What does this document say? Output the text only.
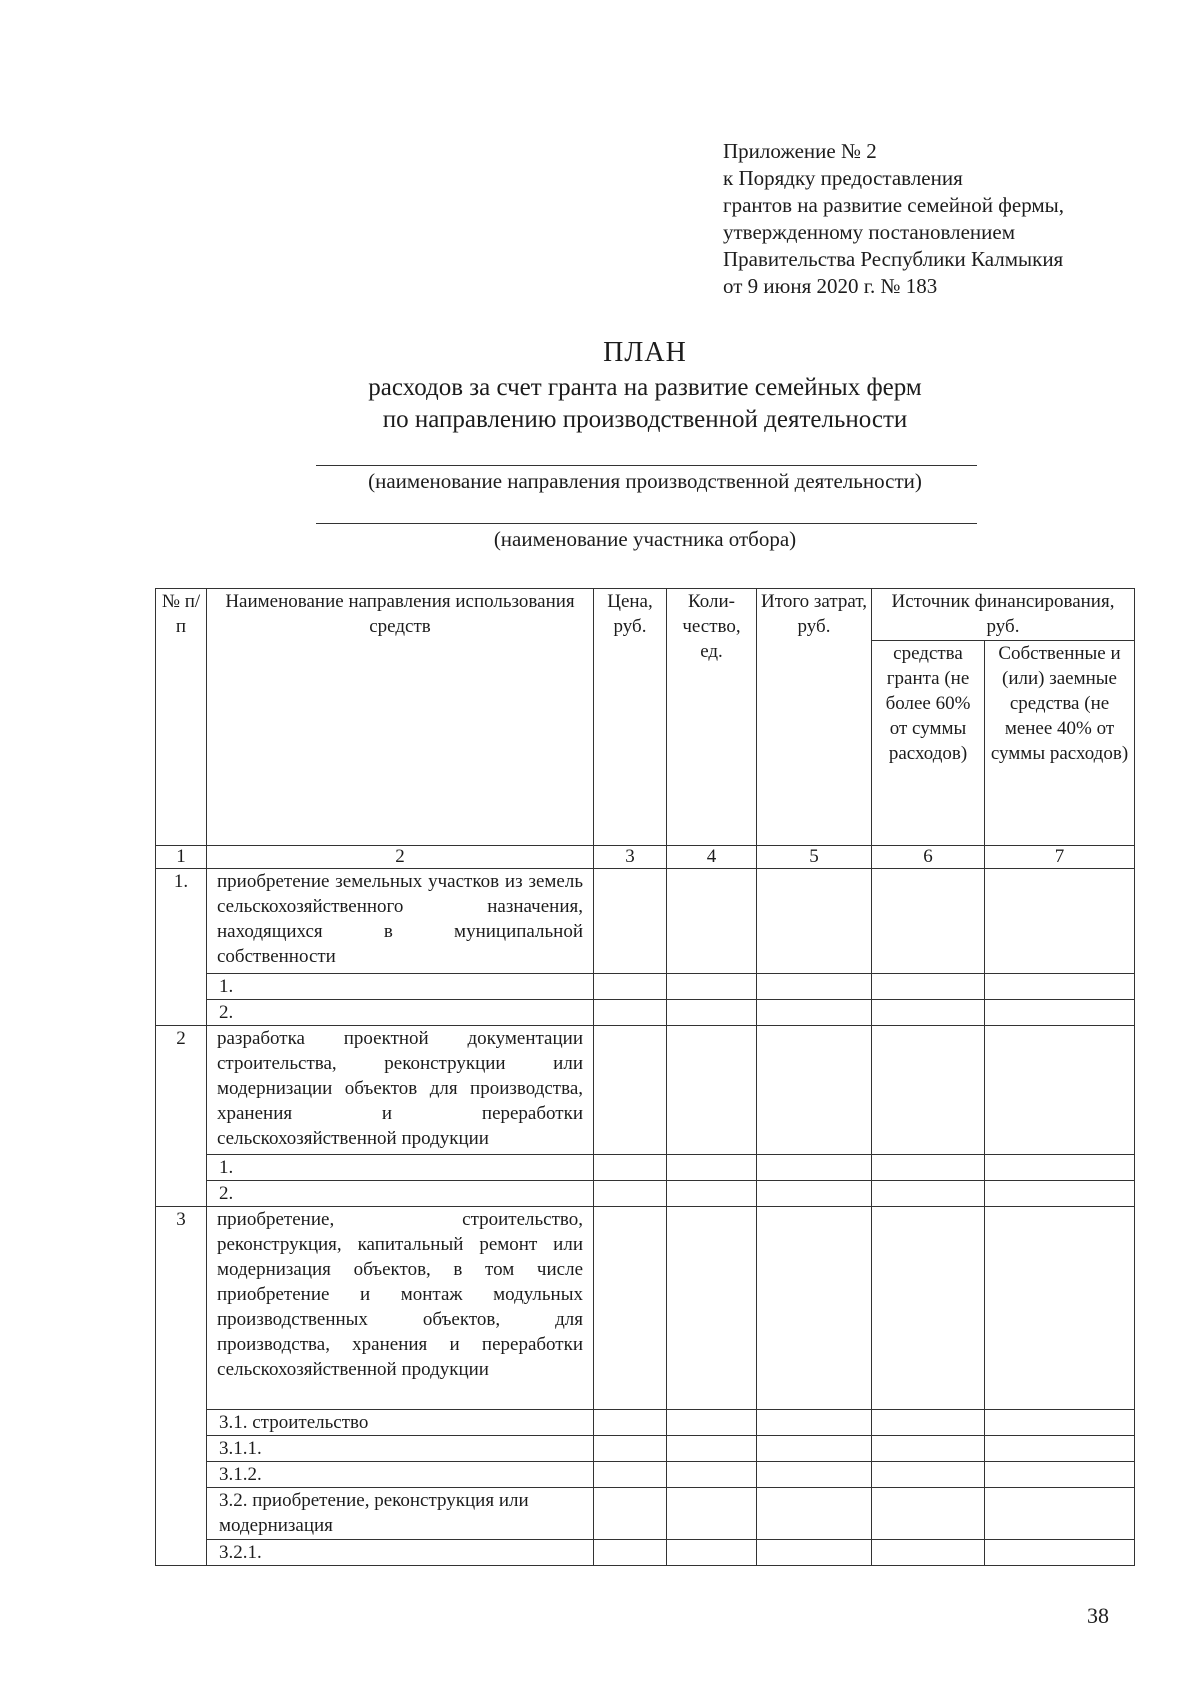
Приложение № 2
к Порядку предоставления
грантов на развитие семейной фермы,
утвержденному постановлением
Правительства Республики Калмыкия
от 9 июня 2020 г. № 183
ПЛАН
расходов за счет гранта на развитие семейных ферм
по направлению производственной деятельности
(наименование направления производственной деятельности)
(наименование участника отбора)
№ п/п	Наименование направления использования средств	Цена, руб.	Коли-чество, ед.	Итого затрат, руб.	Источник финансирования, руб.	
					средства гранта (не более 60% от суммы расходов)	Собственные и (или) заемные средства (не менее 40% от суммы расходов)
1	2	3	4	5	6	7
1.	приобретение земельных участков из земель сельскохозяйственного назначения, находящихся в муниципальной собственности					
	1.					
	2.					
2	разработка проектной документации строительства, реконструкции или модернизации объектов для производства, хранения и переработки сельскохозяйственной продукции					
	1.					
	2.					
3	приобретение, строительство, реконструкция, капитальный ремонт или модернизация объектов, в том числе приобретение и монтаж модульных производственных объектов, для производства, хранения и переработки сельскохозяйственной продукции					
	3.1. строительство					
	3.1.1.					
	3.1.2.					
	3.2. приобретение, реконструкция или модернизация					
	3.2.1.					
38
